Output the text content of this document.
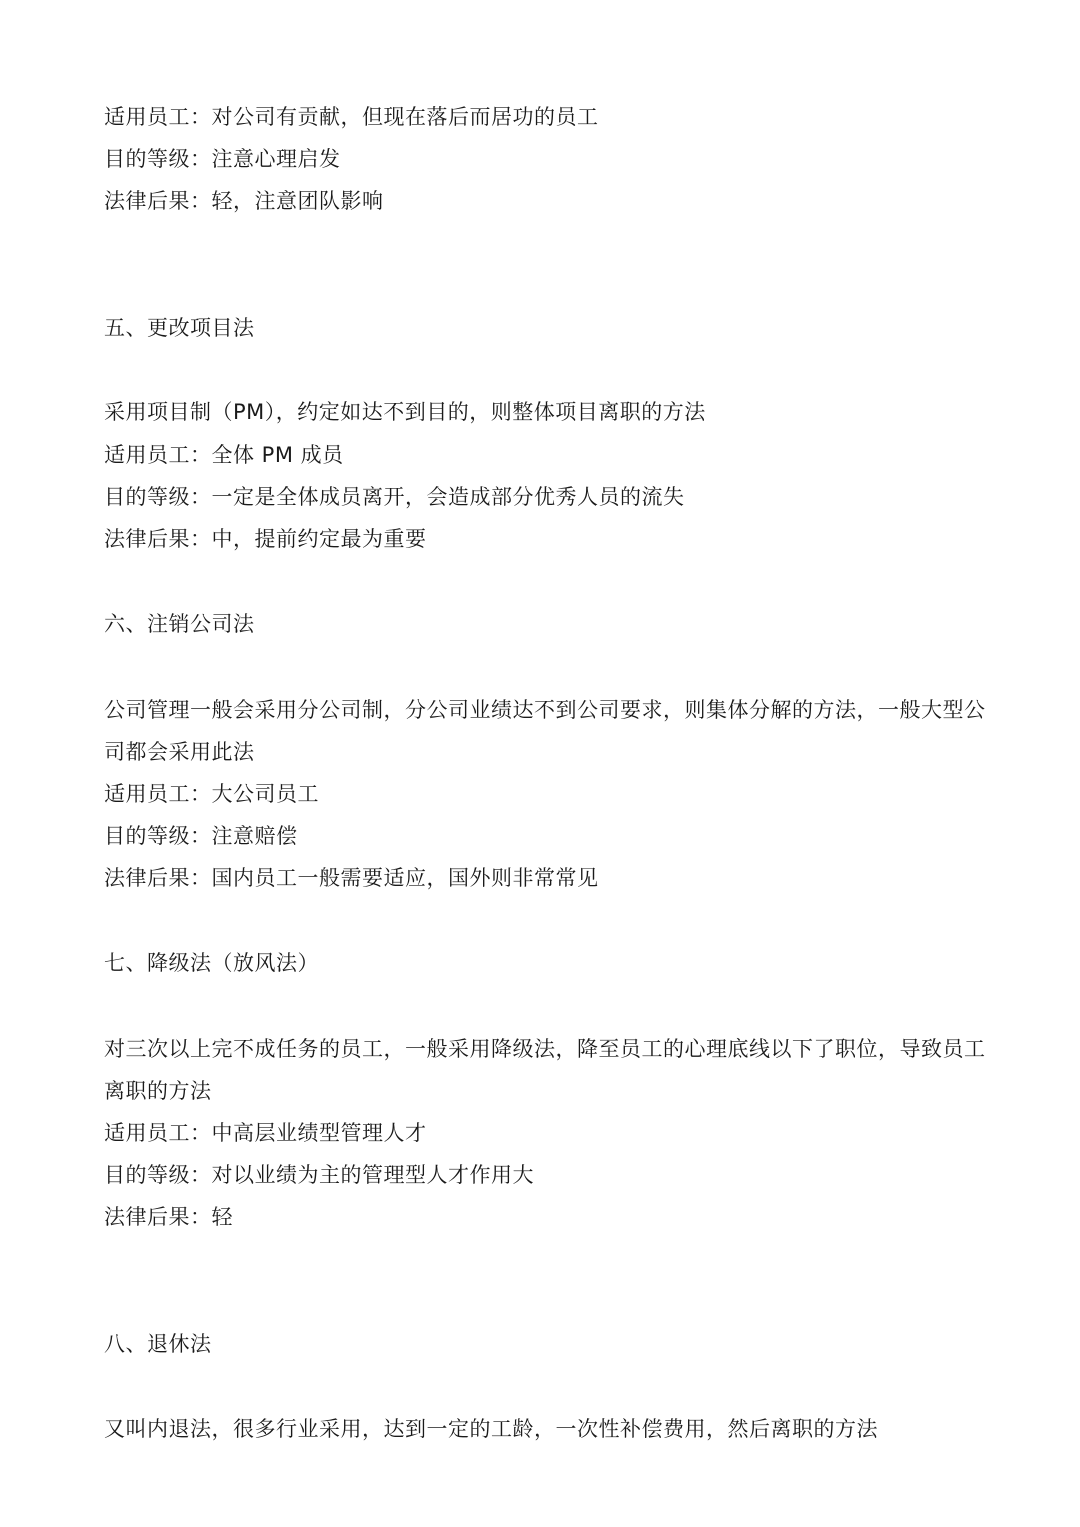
适用员工：对公司有贡献，但现在落后而居功的员工
目的等级：注意心理启发
法律后果：轻，注意团队影响
五、更改项目法
采用项目制（PM），约定如达不到目的，则整体项目离职的方法
适用员工：全体 PM 成员
目的等级：一定是全体成员离开，会造成部分优秀人员的流失
法律后果：中，提前约定最为重要
六、注销公司法
公司管理一般会采用分公司制，分公司业绩达不到公司要求，则集体分解的方法，一般大型公司都会采用此法
适用员工：大公司员工
目的等级：注意赔偿
法律后果：国内员工一般需要适应，国外则非常常见
七、降级法（放风法）
对三次以上完不成任务的员工，一般采用降级法，降至员工的心理底线以下了职位，导致员工离职的方法
适用员工：中高层业绩型管理人才
目的等级：对以业绩为主的管理型人才作用大
法律后果：轻
八、退休法
又叫内退法，很多行业采用，达到一定的工龄，一次性补偿费用，然后离职的方法
